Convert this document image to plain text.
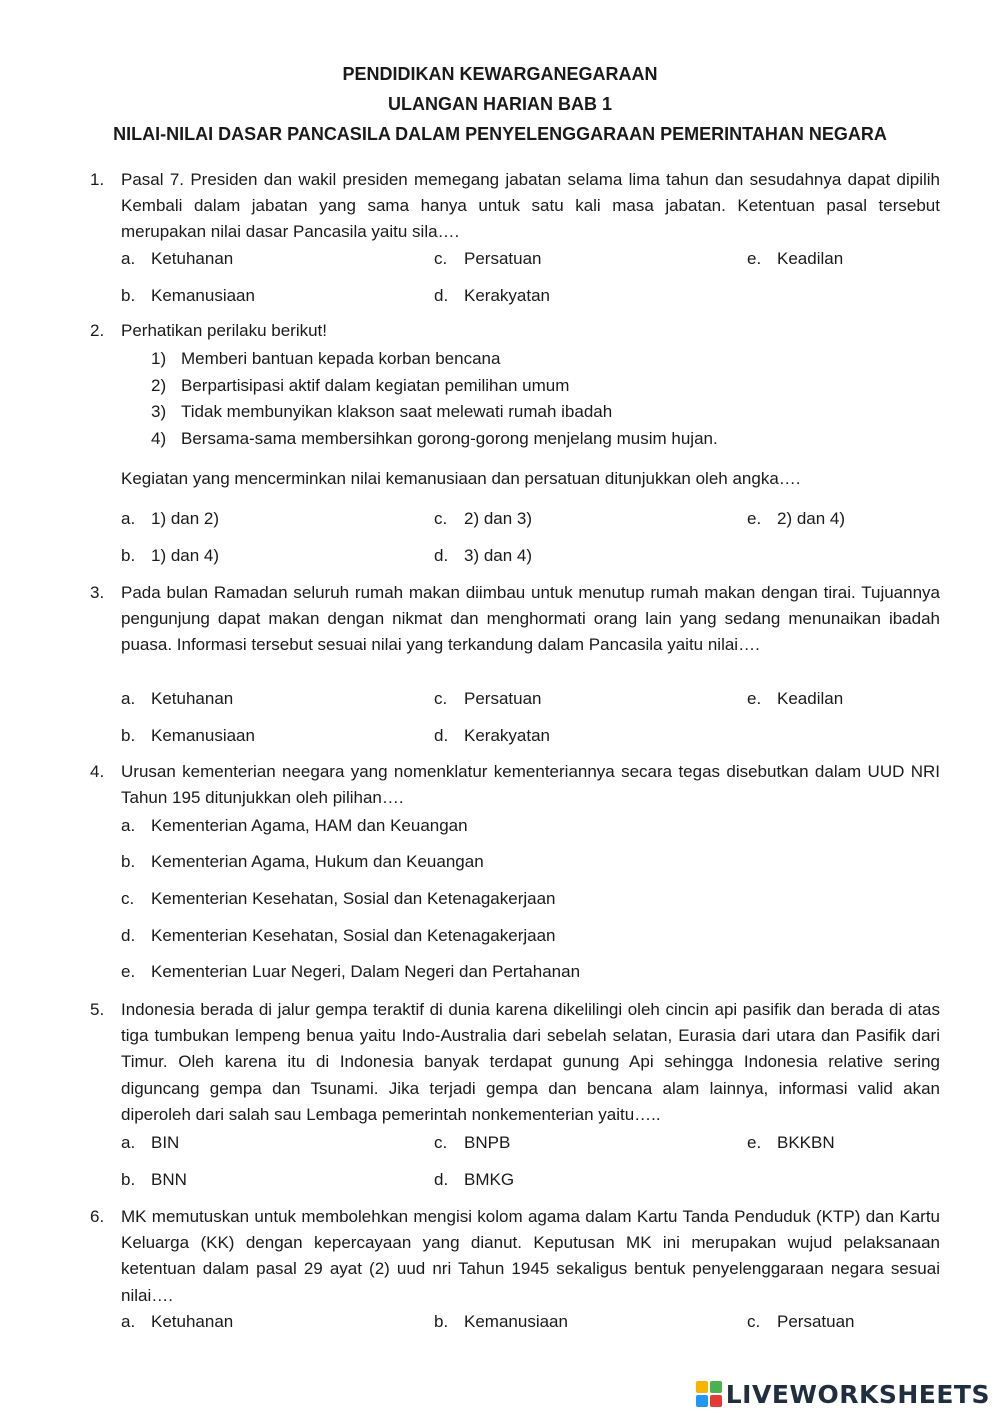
PENDIDIKAN KEWARGANEGARAAN
ULANGAN HARIAN BAB 1
NILAI-NILAI DASAR PANCASILA DALAM PENYELENGGARAAN PEMERINTAHAN NEGARA
1. Pasal 7. Presiden dan wakil presiden memegang jabatan selama lima tahun dan sesudahnya dapat dipilih Kembali dalam jabatan yang sama hanya untuk satu kali masa jabatan. Ketentuan pasal tersebut merupakan nilai dasar Pancasila yaitu sila….
a. Ketuhanan
b. Kemanusiaan
c. Persatuan
d. Kerakyatan
e. Keadilan
2. Perhatikan perilaku berikut!
1) Memberi bantuan kepada korban bencana
2) Berpartisipasi aktif dalam kegiatan pemilihan umum
3) Tidak membunyikan klakson saat melewati rumah ibadah
4) Bersama-sama membersihkan gorong-gorong menjelang musim hujan.
Kegiatan yang mencerminkan nilai kemanusiaan dan persatuan ditunjukkan oleh angka….
a. 1) dan 2)
b. 1) dan 4)
c. 2) dan 3)
d. 3) dan 4)
e. 2) dan 4)
3. Pada bulan Ramadan seluruh rumah makan diimbau untuk menutup rumah makan dengan tirai. Tujuannya pengunjung dapat makan dengan nikmat dan menghormati orang lain yang sedang menunaikan ibadah puasa. Informasi tersebut sesuai nilai yang terkandung dalam Pancasila yaitu nilai….
a. Ketuhanan
b. Kemanusiaan
c. Persatuan
d. Kerakyatan
e. Keadilan
4. Urusan kementerian neegara yang nomenklatur kementeriannya secara tegas disebutkan dalam UUD NRI Tahun 195 ditunjukkan oleh pilihan….
a. Kementerian Agama, HAM dan Keuangan
b. Kementerian Agama, Hukum dan Keuangan
c. Kementerian Kesehatan, Sosial dan Ketenagakerjaan
d. Kementerian Kesehatan, Sosial dan Ketenagakerjaan
e. Kementerian Luar Negeri, Dalam Negeri dan Pertahanan
5. Indonesia berada di jalur gempa teraktif di dunia karena dikelilingi oleh cincin api pasifik dan berada di atas tiga tumbukan lempeng benua yaitu Indo-Australia dari sebelah selatan, Eurasia dari utara dan Pasifik dari Timur. Oleh karena itu di Indonesia banyak terdapat gunung Api sehingga Indonesia relative sering diguncang gempa dan Tsunami. Jika terjadi gempa dan bencana alam lainnya, informasi valid akan diperoleh dari salah sau Lembaga pemerintah nonkementerian yaitu…..
a. BIN
b. BNN
c. BNPB
d. BMKG
e. BKKBN
6. MK memutuskan untuk membolehkan mengisi kolom agama dalam Kartu Tanda Penduduk (KTP) dan Kartu Keluarga (KK) dengan kepercayaan yang dianut. Keputusan MK ini merupakan wujud pelaksanaan ketentuan dalam pasal 29 ayat (2) uud nri Tahun 1945 sekaligus bentuk penyelenggaraan negara sesuai nilai….
a. Ketuhanan	b. Kemanusiaan	c. Persatuan
LIVEWORKSHEETS
